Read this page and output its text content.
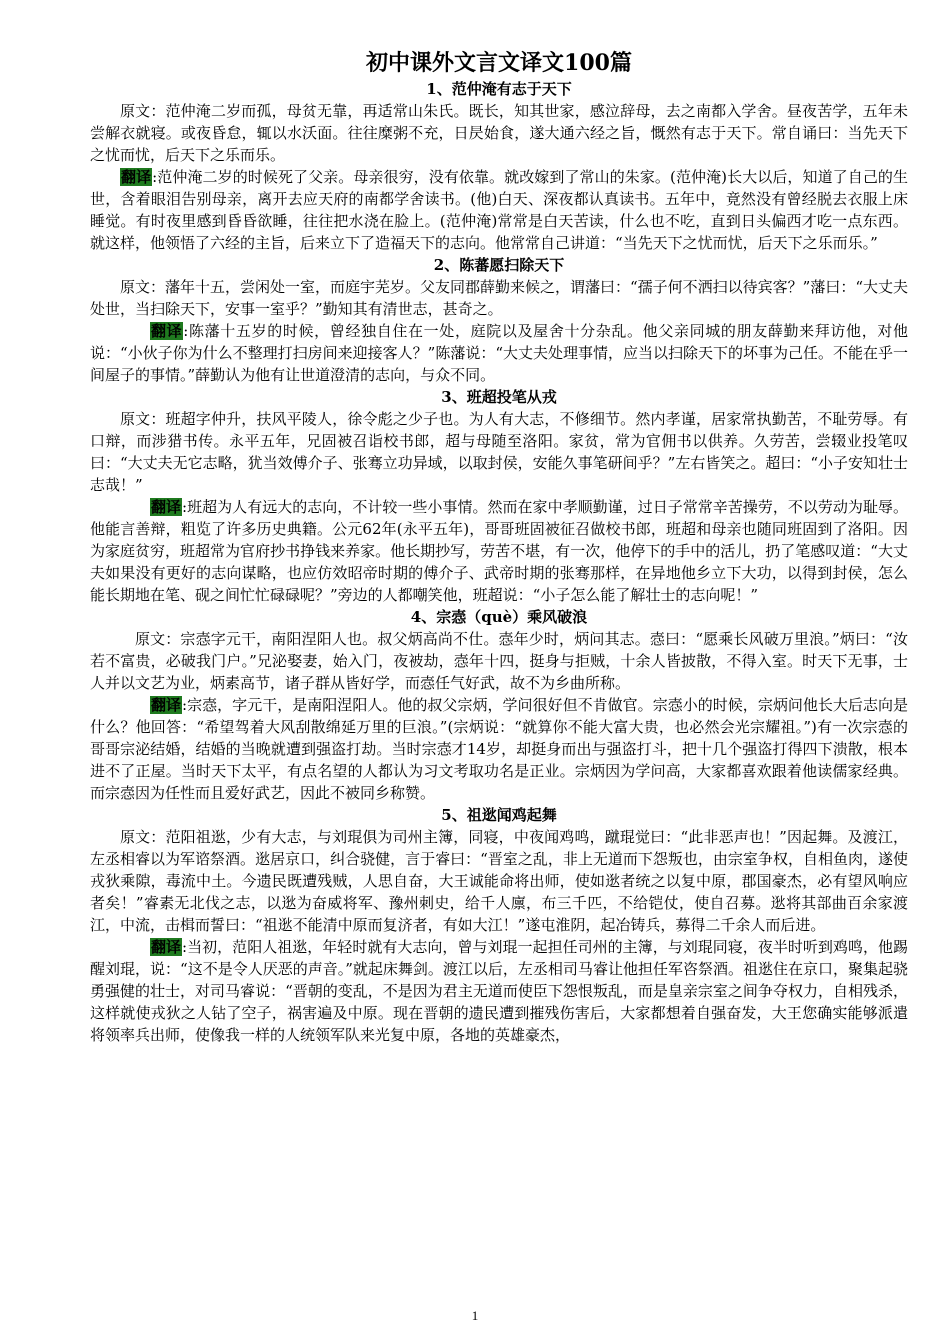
初中课外文言文译文100篇
1、范仲淹有志于天下

原文：范仲淹二岁而孤，母贫无靠，再适常山朱氏。既长，知其世家，感泣辞母，去之南都入学舍。昼夜苦学，五年未尝解衣就寝。或夜昏怠，辄以水沃面。往往糜粥不充，日昃始食，遂大通六经之旨，慨然有志于天下。常自诵曰：当先天下之忧而忧，后天下之乐而乐。

翻译:范仲淹二岁的时候死了父亲。母亲很穷，没有依靠。就改嫁到了常山的朱家。(范仲淹)长大以后，知道了自己的生世，含着眼泪告别母亲，离开去应天府的南都学舍读书。(他)白天、深夜都认真读书。五年中，竟然没有曾经脱去衣服上床睡觉。有时夜里感到昏昏欲睡，往往把水浇在脸上。(范仲淹)常常是白天苦读，什么也不吃，直到日头偏西才吃一点东西。就这样，他领悟了六经的主旨，后来立下了造福天下的志向。他常常自己讲道：“当先天下之忧而忧，后天下之乐而乐。”

2、陈蕃愿扫除天下

原文：藩年十五，尝闲处一室，而庭宇芜岁。父友同郡薛勤来候之，谓藩曰：“孺子何不洒扫以待宾客？”藩曰：“大丈夫处世，当扫除天下，安事一室乎？”勤知其有清世志，甚奇之。

翻译:陈藩十五岁的时候，曾经独自住在一处，庭院以及屋舍十分杂乱。他父亲同城的朋友薛勤来拜访他，对他说：“小伙子你为什么不整理打扫房间来迎接客人？”陈藩说：“大丈夫处理事情，应当以扫除天下的坏事为己任。不能在乎一间屋子的事情。”薛勤认为他有让世道澄清的志向，与众不同。

3、班超投笔从戎

原文：班超字仲升，扶风平陵人，徐令彪之少子也。为人有大志，不修细节。然内孝谨，居家常执勤苦，不耻劳辱。有口辩，而涉猎书传。永平五年，兄固被召诣校书郎，超与母随至洛阳。家贫，常为官佣书以供养。久劳苦，尝辍业投笔叹曰：“大丈夫无它志略，犹当效傅介子、张骞立功异域，以取封侯，安能久事笔研间乎？”左右皆笑之。超曰：“小子安知壮士志哉！”

翻译:班超为人有远大的志向，不计较一些小事情。然而在家中孝顺勤谨，过日子常常辛苦操劳，不以劳动为耻辱。他能言善辩，粗览了许多历史典籍。公元62年(永平五年)，哥哥班固被征召做校书郎，班超和母亲也随同班固到了洛阳。因为家庭贫穷，班超常为官府抄书挣钱来养家。他长期抄写，劳苦不堪，有一次，他停下的手中的活儿，扔了笔感叹道：“大丈夫如果没有更好的志向谋略，也应仿效昭帝时期的傅介子、武帝时期的张骞那样，在异地他乡立下大功，以得到封侯，怎么能长期地在笔、砚之间忙忙碌碌呢？”旁边的人都嘲笑他，班超说：“小子怎么能了解壮士的志向呢！”

4、宗悫（què）乘风破浪

原文：宗悫字元干，南阳涅阳人也。叔父炳高尚不仕。悫年少时，炳问其志。悫曰：“愿乘长风破万里浪。”炳曰：“汝若不富贵，必破我门户。”兄泌娶妻，始入门，夜被劫，悫年十四，挺身与拒贼，十余人皆披散，不得入室。时天下无事，士人并以文艺为业，炳素高节，诸子群从皆好学，而悫任气好武，故不为乡曲所称。

翻译:宗悫，字元干，是南阳涅阳人。他的叔父宗炳，学问很好但不肯做官。宗悫小的时候，宗炳问他长大后志向是什么？他回答：“希望驾着大风刮散绵延万里的巨浪。”(宗炳说：“就算你不能大富大贵，也必然会光宗耀祖。”)有一次宗悫的哥哥宗泌结婚，结婚的当晚就遭到强盗打劫。当时宗悫才14岁，却挺身而出与强盗打斗，把十几个强盗打得四下溃散，根本进不了正屋。当时天下太平，有点名望的人都认为习文考取功名是正业。宗炳因为学问高，大家都喜欢跟着他读儒家经典。而宗悫因为任性而且爱好武艺，因此不被同乡称赞。

5、祖逖闻鸡起舞

原文：范阳祖逖，少有大志，与刘琨俱为司州主簿，同寝，中夜闻鸡鸣，蹴琨觉曰：“此非恶声也！”因起舞。及渡江，左丞相睿以为军谘祭酒。逖居京口，纠合骁健，言于睿曰：“晋室之乱，非上无道而下怨叛也，由宗室争权，自相鱼肉，遂使戎狄乘隙，毒流中土。今遗民既遭残贼，人思自奋，大王诚能命将出师，使如逖者统之以复中原，郡国豪杰，必有望风响应者矣！”睿素无北伐之志，以逖为奋威将军、豫州刺史，给千人廪，布三千匹，不给铠仗，使自召募。逖将其部曲百余家渡江，中流，击楫而誓曰：“祖逖不能清中原而复济者，有如大江！”遂屯淮阴，起冶铸兵，募得二千余人而后进。

翻译:当初，范阳人祖逖，年轻时就有大志向，曾与刘琨一起担任司州的主簿，与刘琨同寝，夜半时听到鸡鸣，他踢醒刘琨，说：“这不是令人厌恶的声音。”就起床舞剑。渡江以后，左丞相司马睿让他担任军咨祭酒。祖逖住在京口，聚集起骁勇强健的壮士，对司马睿说：“晋朝的变乱，不是因为君主无道而使臣下怨恨叛乱，而是皇亲宗室之间争夺权力，自相残杀，这样就使戎狄之人钻了空子，祸害遍及中原。现在晋朝的遗民遭到摧残伤害后，大家都想着自强奋发，大王您确实能够派遣将领率兵出师，使像我一样的人统领军队来光复中原，各地的英雄豪杰，

1
